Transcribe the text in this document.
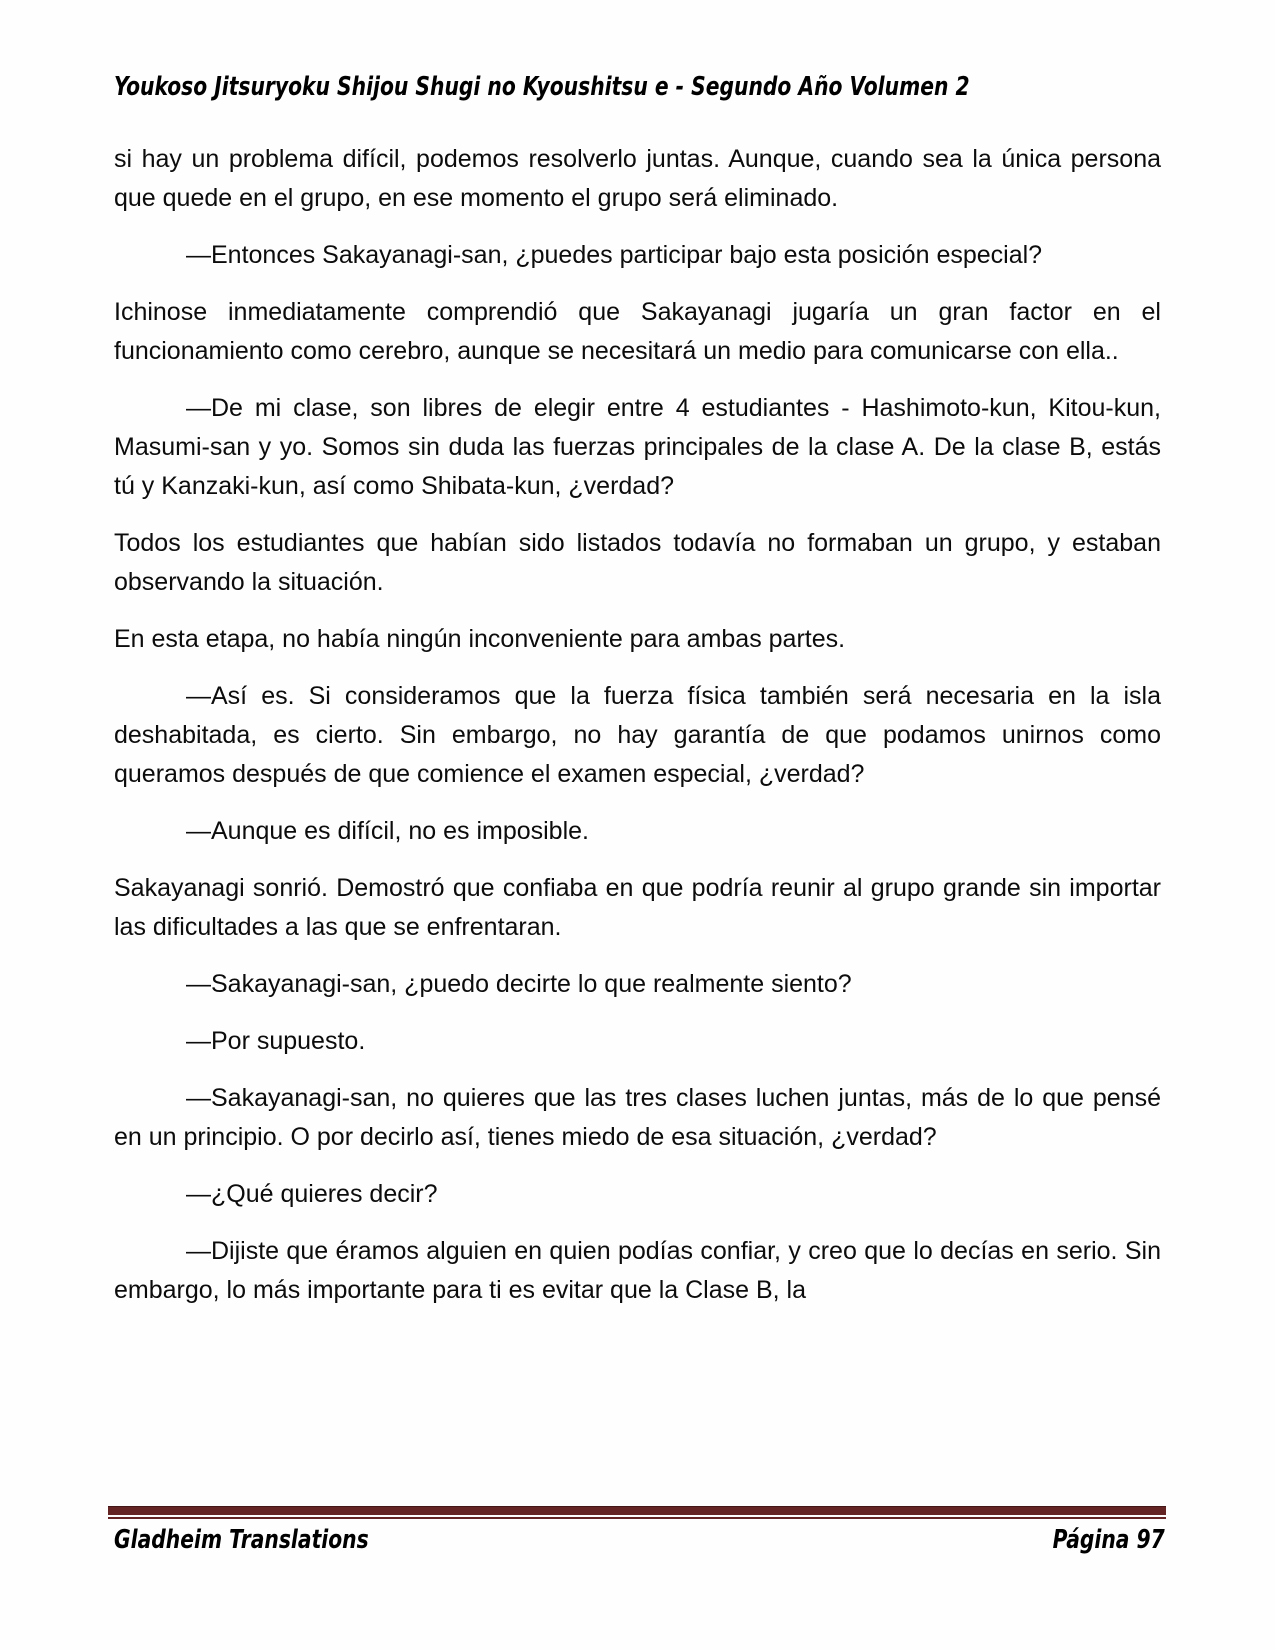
Youkoso Jitsuryoku Shijou Shugi no Kyoushitsu e - Segundo Año Volumen 2

si hay un problema difícil, podemos resolverlo juntas. Aunque, cuando sea la única persona que quede en el grupo, en ese momento el grupo será eliminado.

—Entonces Sakayanagi-san, ¿puedes participar bajo esta posición especial?

Ichinose inmediatamente comprendió que Sakayanagi jugaría un gran factor en el funcionamiento como cerebro, aunque se necesitará un medio para comunicarse con ella..

—De mi clase, son libres de elegir entre 4 estudiantes - Hashimoto-kun, Kitou-kun, Masumi-san y yo. Somos sin duda las fuerzas principales de la clase A. De la clase B, estás tú y Kanzaki-kun, así como Shibata-kun, ¿verdad?

Todos los estudiantes que habían sido listados todavía no formaban un grupo, y estaban observando la situación.

En esta etapa, no había ningún inconveniente para ambas partes.

—Así es. Si consideramos que la fuerza física también será necesaria en la isla deshabitada, es cierto. Sin embargo, no hay garantía de que podamos unirnos como queramos después de que comience el examen especial, ¿verdad?

—Aunque es difícil, no es imposible.

Sakayanagi sonrió. Demostró que confiaba en que podría reunir al grupo grande sin importar las dificultades a las que se enfrentaran.

—Sakayanagi-san, ¿puedo decirte lo que realmente siento?

—Por supuesto.

—Sakayanagi-san, no quieres que las tres clases luchen juntas, más de lo que pensé en un principio. O por decirlo así, tienes miedo de esa situación, ¿verdad?

—¿Qué quieres decir?

—Dijiste que éramos alguien en quien podías confiar, y creo que lo decías en serio. Sin embargo, lo más importante para ti es evitar que la Clase B, la

Gladheim Translations	Página 97
